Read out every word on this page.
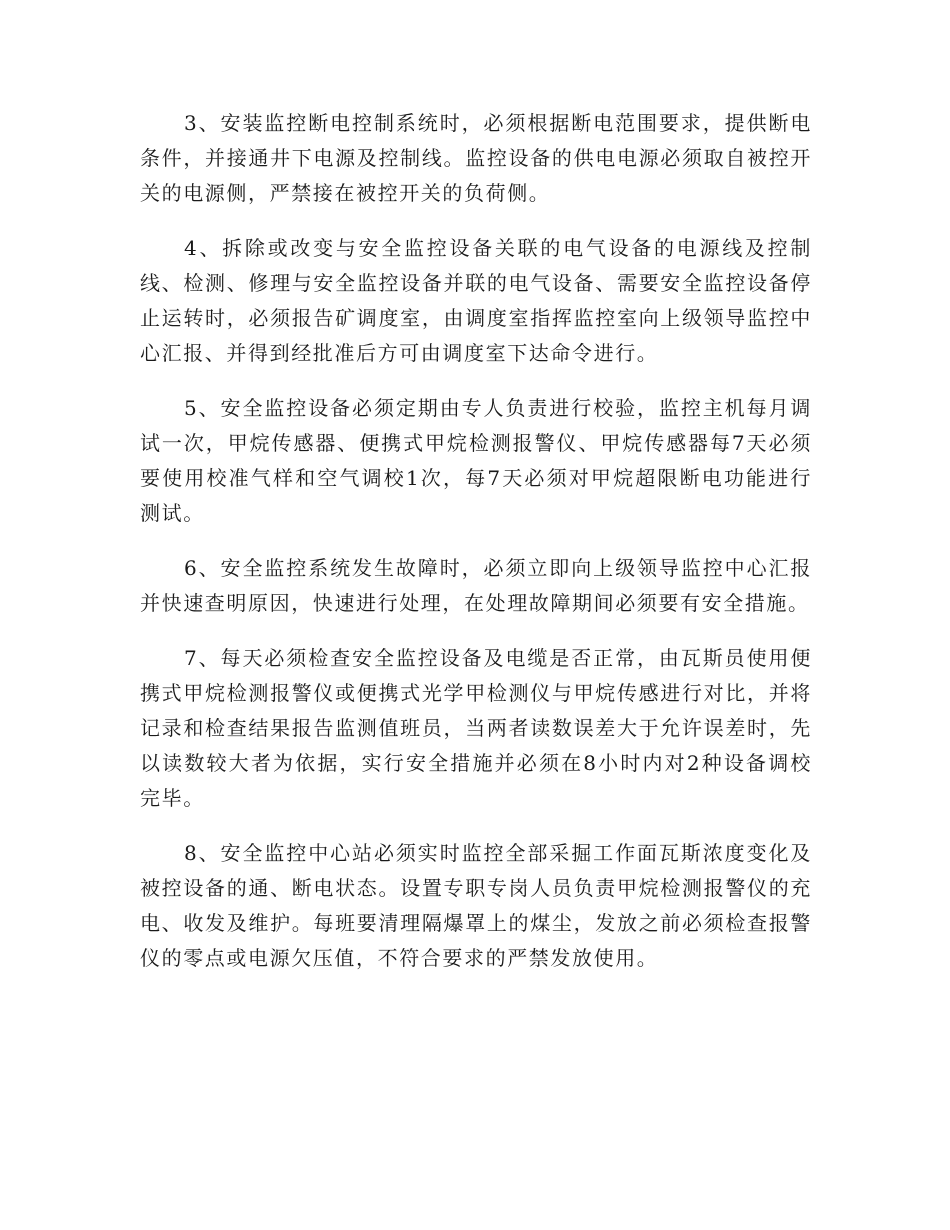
3、安装监控断电控制系统时，必须根据断电范围要求，提供断电条件，并接通井下电源及控制线。监控设备的供电电源必须取自被控开关的电源侧，严禁接在被控开关的负荷侧。

4、拆除或改变与安全监控设备关联的电气设备的电源线及控制线、检测、修理与安全监控设备并联的电气设备、需要安全监控设备停止运转时，必须报告矿调度室，由调度室指挥监控室向上级领导监控中心汇报、并得到经批准后方可由调度室下达命令进行。

5、安全监控设备必须定期由专人负责进行校验，监控主机每月调试一次，甲烷传感器、便携式甲烷检测报警仪、甲烷传感器每7天必须要使用校准气样和空气调校1次，每7天必须对甲烷超限断电功能进行测试。

6、安全监控系统发生故障时，必须立即向上级领导监控中心汇报并快速查明原因，快速进行处理，在处理故障期间必须要有安全措施。

7、每天必须检查安全监控设备及电缆是否正常，由瓦斯员使用便携式甲烷检测报警仪或便携式光学甲检测仪与甲烷传感进行对比，并将记录和检查结果报告监测值班员，当两者读数误差大于允许误差时，先以读数较大者为依据，实行安全措施并必须在8小时内对2种设备调校完毕。

8、安全监控中心站必须实时监控全部采掘工作面瓦斯浓度变化及被控设备的通、断电状态。设置专职专岗人员负责甲烷检测报警仪的充电、收发及维护。每班要清理隔爆罩上的煤尘，发放之前必须检查报警仪的零点或电源欠压值，不符合要求的严禁发放使用。
